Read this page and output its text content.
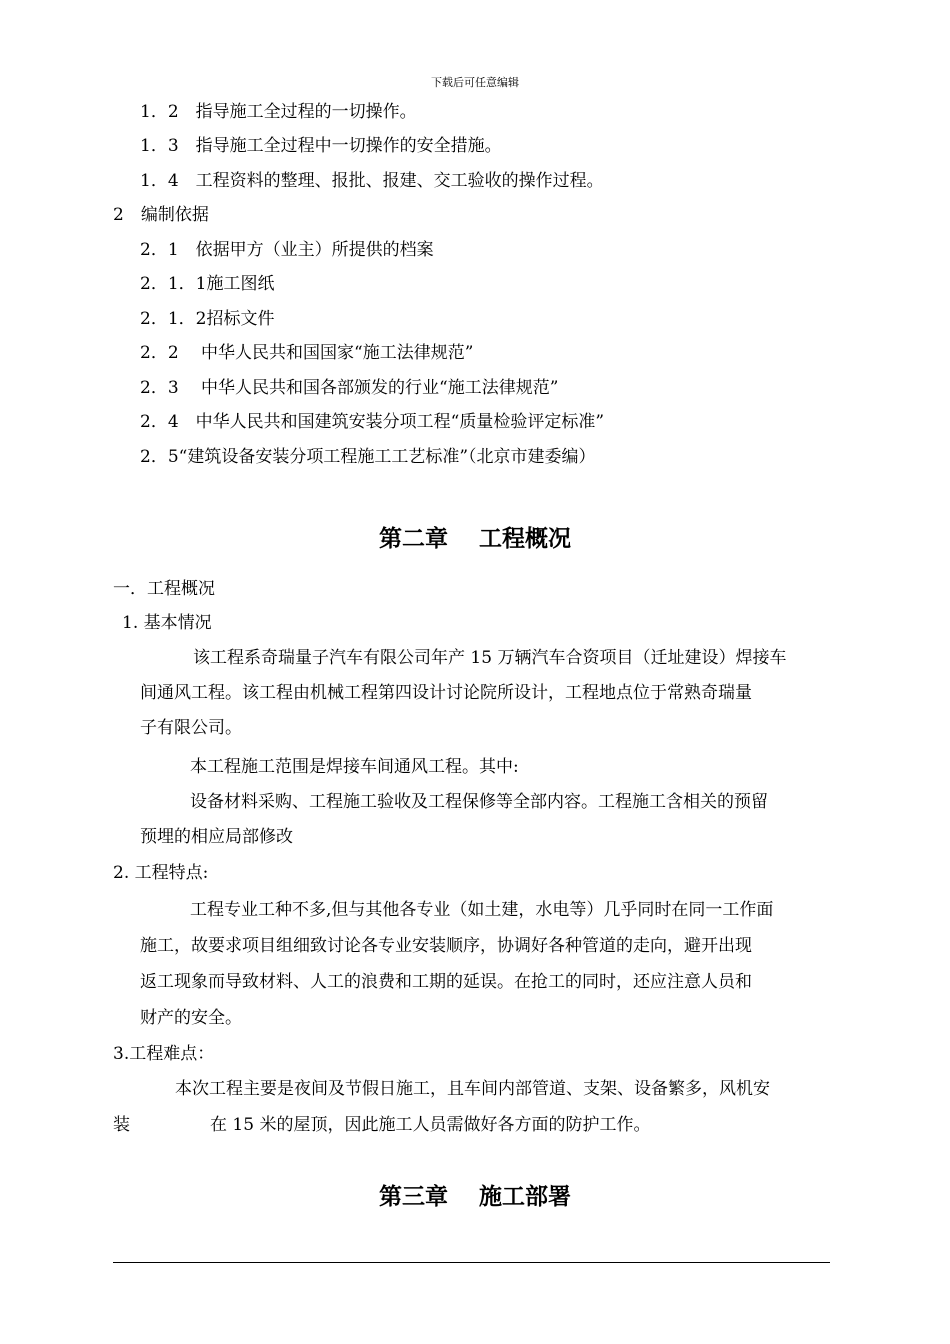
下载后可任意编辑
1．2　指导施工全过程的一切操作。
1．3　指导施工全过程中一切操作的安全措施。
1．4　工程资料的整理、报批、报建、交工验收的操作过程。
2　编制依据
2．1　依据甲方（业主）所提供的档案
2．1．1施工图纸
2．1．2招标文件
2．2　 中华人民共和国国家“施工法律规范”
2．3　 中华人民共和国各部颁发的行业“施工法律规范”
2．4　中华人民共和国建筑安装分项工程“质量检验评定标准”
2．5“建筑设备安装分项工程施工工艺标准”（北京市建委编）
第二章　 工程概况
一．工程概况
1. 基本情况
该工程系奇瑞量子汽车有限公司年产 15 万辆汽车合资项目（迁址建设）焊接车
间通风工程。该工程由机械工程第四设计讨论院所设计，工程地点位于常熟奇瑞量
子有限公司。
本工程施工范围是焊接车间通风工程。其中:
设备材料采购、工程施工验收及工程保修等全部内容。工程施工含相关的预留
预埋的相应局部修改
2. 工程特点:
工程专业工种不多,但与其他各专业（如土建，水电等）几乎同时在同一工作面
施工，故要求项目组细致讨论各专业安装顺序，协调好各种管道的走向，避开出现
返工现象而导致材料、人工的浪费和工期的延误。在抢工的同时，还应注意人员和
财产的安全。
3.工程难点：
本次工程主要是夜间及节假日施工，且车间内部管道、支架、设备繁多，风机安
装	在 15 米的屋顶，因此施工人员需做好各方面的防护工作。
第三章　 施工部署
